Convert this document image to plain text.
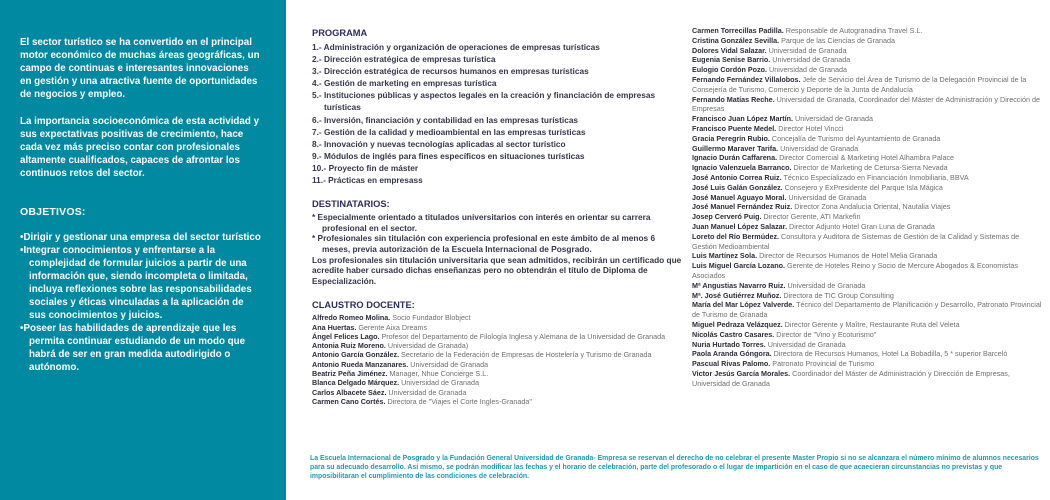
El sector turístico se ha convertido en el principal motor económico de muchas áreas geográficas, un campo de continuas e interesantes innovaciones en gestión y una atractiva fuente de oportunidades de negocios y empleo.

La importancia socioeconómica de esta actividad y sus expectativas positivas de crecimiento, hace cada vez más preciso contar con profesionales altamente cualificados, capaces de afrontar los continuos retos del sector.

OBJETIVOS:
• Dirigir y gestionar una empresa del sector turístico
• Integrar conocimientos y enfrentarse a la complejidad de formular juicios a partir de una información que, siendo incompleta o limitada, incluya reflexiones sobre las responsabilidades sociales y éticas vinculadas a la aplicación de sus conocimientos y juicios.
• Poseer las habilidades de aprendizaje que les permita continuar estudiando de un modo que habrá de ser en gran medida autodirigido o autónomo.
PROGRAMA
1.- Administración y organización de operaciones de empresas turísticas
2.- Dirección estratégica de empresas turística
3.- Dirección estratégica de recursos humanos en empresas turísticas
4.- Gestión de marketing en empresas turística
5.- Instituciones públicas y aspectos legales en la creación y financiación de empresas turísticas
6.- Inversión, financiación y contabilidad en las empresas turísticas
7.- Gestión de la calidad y medioambiental en las empresas turísticas
8.- Innovación y nuevas tecnologías aplicadas al sector turístico
9.- Módulos de inglés para fines específicos en situaciones turísticas
10.- Proyecto fin de máster
11.- Prácticas en empresass
DESTINATARIOS:
* Especialmente orientado a titulados universitarios con interés en orientar su carrera profesional en el sector.
* Profesionales sin titulación con experiencia profesional en este ámbito de al menos 6 meses, previa autorización de la Escuela Internacional de Posgrado.

Los profesionales sin titulación universitaria que sean admitidos, recibirán un certificado que acredite haber cursado dichas enseñanzas pero no obtendrán el título de Diploma de Especialización.

CLAUSTRO DOCENTE:
Alfredo Romeo Molina. Socio Fundador Blobject
Ana Huertas. Gerente Aixa Dreams
Ángel Felices Lago. Profesor del Departamento de Filología Inglesa y Alemana de la Universidad de Granada
Antonia Ruiz Moreno. Universidad de Granada)
Antonio García González. Secretario de la Federación de Empresas de Hostelería y Turismo de Granada
Antonio Rueda Manzanares. Universidad de Granada
Beatriz Peña Jiménez. Manager, Nhue Concierge S.L.
Blanca Delgado Márquez. Universidad de Granada
Carlos Albacete Sáez. Universidad de Granada
Carmen Cano Cortés. Directora de "Viajes el Corte Ingles-Granada"
Carmen Torrecillas Padilla. Responsable de Autogranadina Travel S.L.
Cristina González Sevilla. Parque de las Ciencias de Granada
Dolores Vidal Salazar. Universidad de Granada
Eugenia Senise Barrio. Universidad de Granada
Eulogio Cordón Pozo. Universidad de Granada
Fernando Fernández Villalobos. Jefe de Servicio del Área de Turismo de la Delegación Provincial de la Consejería de Turismo, Comercio y Deporte de la Junta de Andalucía
Fernando Matías Reche. Universidad de Granada, Coordinador del Máster de Administración y Dirección de Empresas
Francisco Juan López Martín. Universidad de Granada
Francisco Puente Medel. Director Hotel Vincci
Gracia Peregrín Rubio. Concejalía de Turismo del Ayuntamiento de Granada
Guillermo Maraver Tarifa. Universidad de Granada
Ignacio Durán Caffarena. Director Comercial & Marketing Hotel Alhambra Palace
Ignacio Valenzuela Barranco. Director de Marketing de Cetursa-Sierra Nevada
José Antonio Correa Ruiz. Técnico Especializado en Financiación Inmobiliaria, BBVA
José Luis Galán González. Consejero y ExPresidente del Parque Isla Mágica
José Manuel Aguayo Moral. Universidad de Granada
José Manuel Fernández Ruiz. Director Zona Andalucía Oriental, Nautalia Viajes
Josep Cerveró Puig. Director Gerente, ATI Markefin
Juan Manuel López Salazar. Director Adjunto Hotel Gran Luna de Granada
Loreto del Río Bermúdez. Consultora y Auditora de Sistemas de Gestión de la Calidad y Sistemas de Gestión Medioambiental
Luis Martínez Sola. Director de Recursos Humanos de Hotel Melia Granada
Luis Miguel García Lozano. Gerente de Hoteles Reino y Socio de Mercure Abogados & Economistas Asociados
Mª Angustias Navarro Ruiz. Universidad de Granada
Mª. José Gutiérrez Muñoz. Directora de TIC Group Consulting
María del Mar López Valverde. Técnico del Departamento de Planificación y Desarrollo, Patronato Provincial de Turismo de Granada
Miguel Pedraza Velázquez. Director Gerente y Maître, Restaurante Ruta del Veleta
Nicolás Castro Casares. Director de "Vino y Ecoturismo"
Nuria Hurtado Torres. Universidad de Granada
Paola Aranda Góngora. Directora de Recursos Humanos, Hotel La Bobadilla, 5 * superior Barceló
Pascual Rivas Palomo. Patronato Provincial de Turismo
Victor Jesús García Morales. Coordinador del Máster de Administración y Dirección de Empresas, Universidad de Granada

La Escuela Internacional de Posgrado y la Fundación General Universidad de Granada- Empresa se reservan el derecho de no celebrar el presente Master Propio si no se alcanzara el número mínimo de alumnos necesarios para su adecuado desarrollo. Así mismo, se podrán modificar las fechas y el horario de celebración, parte del profesorado o el lugar de impartición en el caso de que acaecieran circunstancias no previstas y que imposibilitaran el cumplimiento de las condiciones de celebración.
